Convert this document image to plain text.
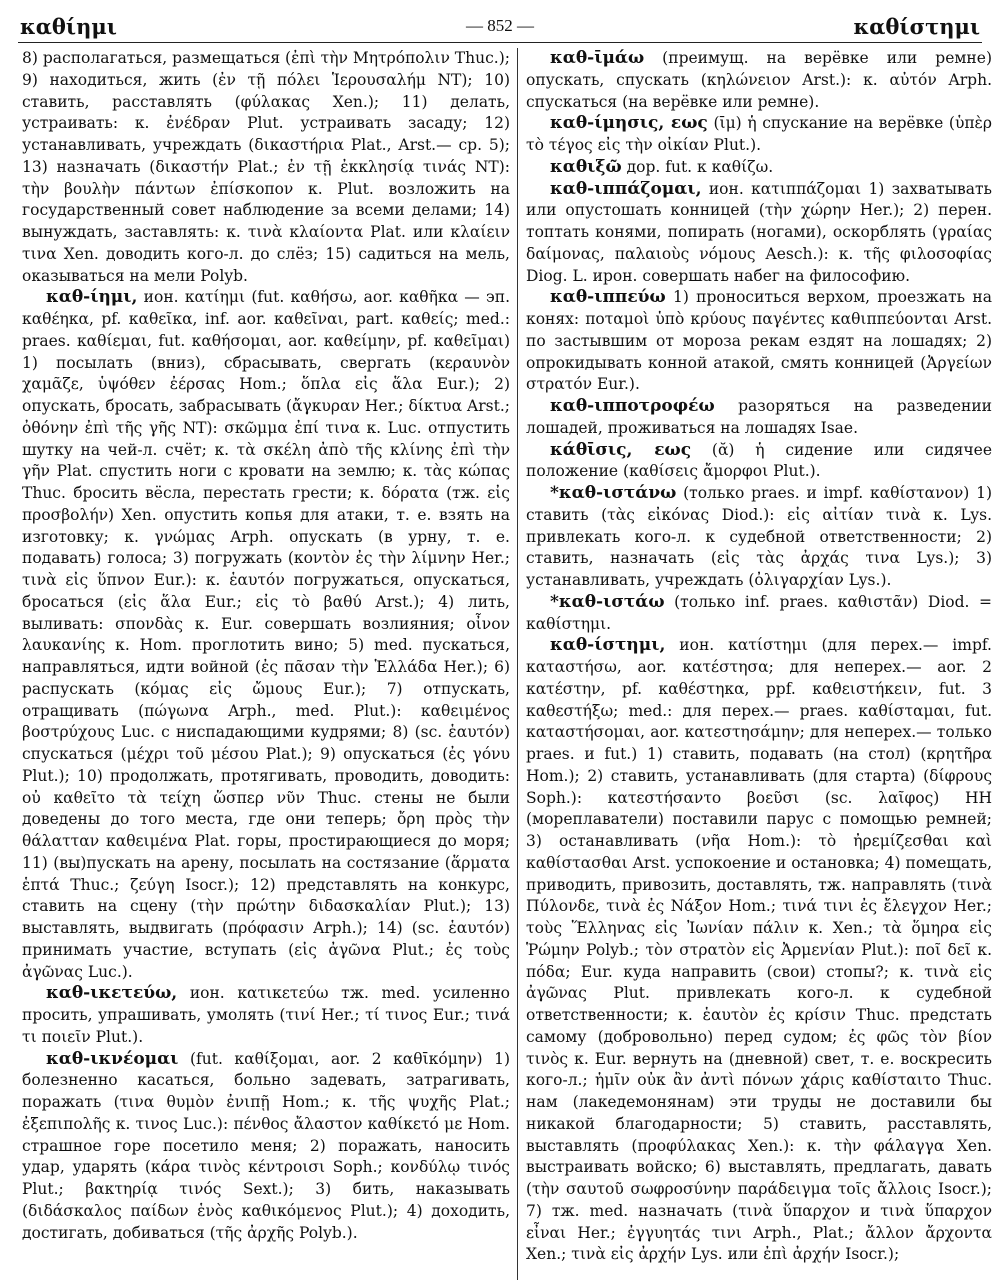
καθίημι	— 852 —	καθίστημι

8) располагаться, размещаться (ἐπὶ τὴν Μητρόπολιν Thuc.); 9) находиться, жить (ἐν τῇ πόλει Ἱερουσαλήμ NT); 10) ставить, расставлять (φύλακας Xen.); 11) делать, устраивать: κ. ἐνέδραν Plut. устраивать засаду; 12) устанавливать, учреждать (δικαστήρια Plat., Arst.— ср. 5); 13) назначать (δικαστήν Plat.; ἐν τῇ ἐκκλησίᾳ τινάς NT): τὴν βουλὴν πάντων ἐπίσκοπον κ. Plut. возложить на государственный совет наблюдение за всеми делами; 14) вынуждать, заставлять: κ. τινὰ κλαίοντα Plat. или κλαίειν τινα Xen. доводить кого-л. до слёз; 15) садиться на мель, оказываться на мели Polyb.

καθ-ίημι, ион. κατίημι (fut. καθήσω, aor. καθῆκα — эп. καθέηκα, pf. καθεῖκα, inf. aor. καθεῖναι, part. καθείς; med.: praes. καθίεμαι, fut. καθήσομαι, aor. καθείμην, pf. καθεῖμαι) 1) посылать (вниз), сбрасывать, свергать (κεραυνὸν χαμᾶζε, ὑψόθεν ἐέρσας Hom.; ὅπλα εἰς ἅλα Eur.); 2) опускать, бросать, забрасывать (ἄγκυραν Her.; δίκτυα Arst.; ὀθόνην ἐπὶ τῆς γῆς NT): σκῶμμα ἐπί τινα κ. Luc. отпустить шутку на чей-л. счёт; κ. τὰ σκέλη ἀπὸ τῆς κλίνης ἐπὶ τὴν γῆν Plat. спустить ноги с кровати на землю; κ. τὰς κώπας Thuc. бросить вёсла, перестать грести; κ. δόρατα (тж. εἰς προσβολήν) Xen. опустить копья для атаки, т. е. взять на изготовку; κ. γνώμας Arph. опускать (в урну, т. е. подавать) голоса; 3) погружать (κοντὸν ἐς τὴν λίμνην Her.; τινὰ εἰς ὕπνον Eur.): κ. ἑαυτόν погружаться, опускаться, бросаться (εἰς ἅλα Eur.; εἰς τὸ βαθύ Arst.); 4) лить, выливать: σπονδὰς κ. Eur. совершать возлияния; οἶνον λαυκανίης κ. Hom. проглотить вино; 5) med. пускаться, направляться, идти войной (ἐς πᾶσαν τὴν Ἑλλάδα Her.); 6) распускать (κόμας εἰς ὤμους Eur.); 7) отпускать, отращивать (πώγωνα Arph., med. Plut.): καθειμένος βοστρύχους Luc. с ниспадающими кудрями; 8) (sc. ἑαυτόν) спускаться (μέχρι τοῦ μέσου Plat.); 9) опускаться (ἐς γόνυ Plut.); 10) продолжать, протягивать, проводить, доводить: οὐ καθεῖτο τὰ τείχη ὥσπερ νῦν Thuc. стены не были доведены до того места, где они теперь; ὄρη πρὸς τὴν θάλατταν καθειμένα Plat. горы, простирающиеся до моря; 11) (вы)пускать на арену, посылать на состязание (ἅρματα ἑπτά Thuc.; ζεύγη Isocr.); 12) представлять на конкурс, ставить на сцену (τὴν πρώτην διδασκαλίαν Plut.); 13) выставлять, выдвигать (πρόφασιν Arph.); 14) (sc. ἑαυτόν) принимать участие, вступать (εἰς ἀγῶνα Plut.; ἐς τοὺς ἀγῶνας Luc.).

καθ-ικετεύω, ион. κατικετεύω тж. med. усиленно просить, упрашивать, умолять (τινί Her.; τί τινος Eur.; τινά τι ποιεῖν Plut.).

καθ-ικνέομαι (fut. καθίξομαι, aor. 2 καθῑκόμην) 1) болезненно касаться, больно задевать, затрагивать, поражать (τινα θυμὸν ἐνιπῇ Hom.; κ. τῆς ψυχῆς Plat.; ἐξεπιπολῆς κ. τινος Luc.): πένθος ἄλαστον καθίκετό με Hom. страшное горе посетило меня; 2) поражать, наносить удар, ударять (κάρα τινὸς κέντροισι Soph.; κονδύλῳ τινός Plut.; βακτηρίᾳ τινός Sext.); 3) бить, наказывать (διδάσκαλος παίδων ἑνὸς καθικόμενος Plut.); 4) доходить, достигать, добиваться (τῆς ἀρχῆς Polyb.).

καθ-ῑμάω (преимущ. на верёвке или ремне) опускать, спускать (κηλώνειον Arst.): κ. αὐτόν Arph. спускаться (на верёвке или ремне).

καθ-ίμησις, εως (ῑμ) ἡ спускание на верёвке (ὑπὲρ τὸ τέγος εἰς τὴν οἰκίαν Plut.).

καθιξῶ дор. fut. к καθίζω.

καθ-ιππάζομαι, ион. κατιππάζομαι 1) захватывать или опустошать конницей (τὴν χώρην Her.); 2) перен. топтать конями, попирать (ногами), оскорблять (γραίας δαίμονας, παλαιοὺς νόμους Aesch.): κ. τῆς φιλοσοφίας Diog. L. ирон. совершать набег на философию.

καθ-ιππεύω 1) проноситься верхом, проезжать на конях: ποταμοὶ ὑπὸ κρύους παγέντες καθιππεύονται Arst. по застывшим от мороза рекам ездят на лошадях; 2) опрокидывать конной атакой, смять конницей (Ἀργείων στρατόν Eur.).

καθ-ιπποτροφέω разоряться на разведении лошадей, проживаться на лошадях Isae.

κάθῑσις, εως (ᾰ) ἡ сидение или сидячее положение (καθίσεις ἄμορφοι Plut.).

*καθ-ιστάνω (только praes. и impf. καθίστανον) 1) ставить (τὰς εἰκόνας Diod.): εἰς αἰτίαν τινὰ κ. Lys. привлекать кого-л. к судебной ответственности; 2) ставить, назначать (εἰς τὰς ἀρχάς τινα Lys.); 3) устанавливать, учреждать (ὀλιγαρχίαν Lys.).

*καθ-ιστάω (только inf. praes. καθιστᾶν) Diod. = καθίστημι.

καθ-ίστημι, ион. κατίστημι (для перех.— impf. καταστήσω, aor. κατέστησα; для неперех.— aor. 2 κατέστην, pf. καθέστηκα, ppf. καθειστήκειν, fut. 3 καθεστήξω; med.: для перех.— praes. καθίσταμαι, fut. καταστήσομαι, aor. κατεστησάμην; для неперех.— только praes. и fut.) 1) ставить, подавать (на стол) (κρητῆρα Hom.); 2) ставить, устанавливать (для старта) (δίφρους Soph.): κατεστήσαντο βοεῦσι (sc. λαῖφος) HH (мореплаватели) поставили парус с помощью ремней; 3) останавливать (νῆα Hom.): τὸ ἠρεμίζεσθαι καὶ καθίστασθαι Arst. успокоение и остановка; 4) помещать, приводить, привозить, доставлять, тж. направлять (τινὰ Πύλονδε, τινὰ ἐς Νάξον Hom.; τινά τινι ἐς ἔλεγχον Her.; τοὺς Ἕλληνας εἰς Ἰωνίαν πάλιν κ. Xen.; τὰ ὅμηρα εἰς Ῥώμην Polyb.; τὸν στρατὸν εἰς Ἀρμενίαν Plut.): ποῖ δεῖ κ. πόδα; Eur. куда направить (свои) стопы?; κ. τινὰ εἰς ἀγῶνας Plut. привлекать кого-л. к судебной ответственности; κ. ἑαυτὸν ἐς κρίσιν Thuc. предстать самому (добровольно) перед судом; ἐς φῶς τὸν βίον τινὸς κ. Eur. вернуть на (дневной) свет, т. е. воскресить кого-л.; ἡμῖν οὐκ ἂν ἀντὶ πόνων χάρις καθίσταιτο Thuc. нам (лакедемонянам) эти труды не доставили бы никакой благодарности; 5) ставить, расставлять, выставлять (προφύλακας Xen.): κ. τὴν φάλαγγα Xen. выстраивать войско; 6) выставлять, предлагать, давать (τὴν σαυτοῦ σωφροσύνην παράδειγμα τοῖς ἄλλοις Isocr.); 7) тж. med. назначать (τινὰ ὕπαρχον и τινὰ ὕπαρχον εἶναι Her.; ἐγγυητάς τινι Arph., Plat.; ἄλλον ἄρχοντα Xen.; τινὰ εἰς ἀρχήν Lys. или ἐπὶ ἀρχήν Isocr.);
